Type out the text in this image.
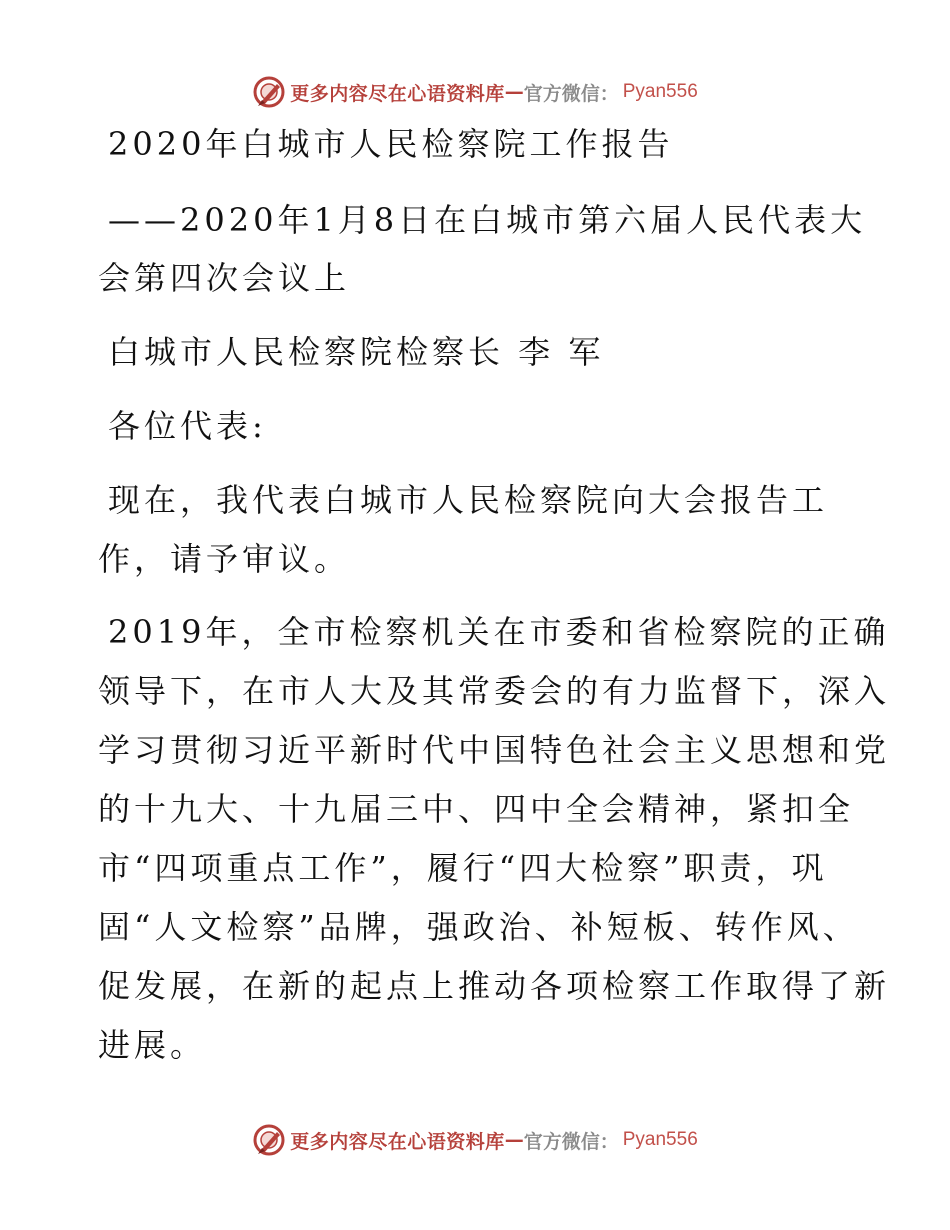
更多内容尽在心语资料库 — 官方微信： Pyan556
2020年白城市人民检察院工作报告
——2020年1月8日在白城市第六届人民代表大
会第四次会议上
白城市人民检察院检察长 李 军
各位代表:
现在，我代表白城市人民检察院向大会报告工
作，请予审议。
2019年，全市检察机关在市委和省检察院的正确
领导下，在市人大及其常委会的有力监督下，深入
学习贯彻习近平新时代中国特色社会主义思想和党
的十九大、十九届三中、四中全会精神，紧扣全
市“四项重点工作”，履行“四大检察”职责，巩
固“人文检察”品牌，强政治、补短板、转作风、
促发展，在新的起点上推动各项检察工作取得了新
进展。
更多内容尽在心语资料库 — 官方微信： Pyan556
